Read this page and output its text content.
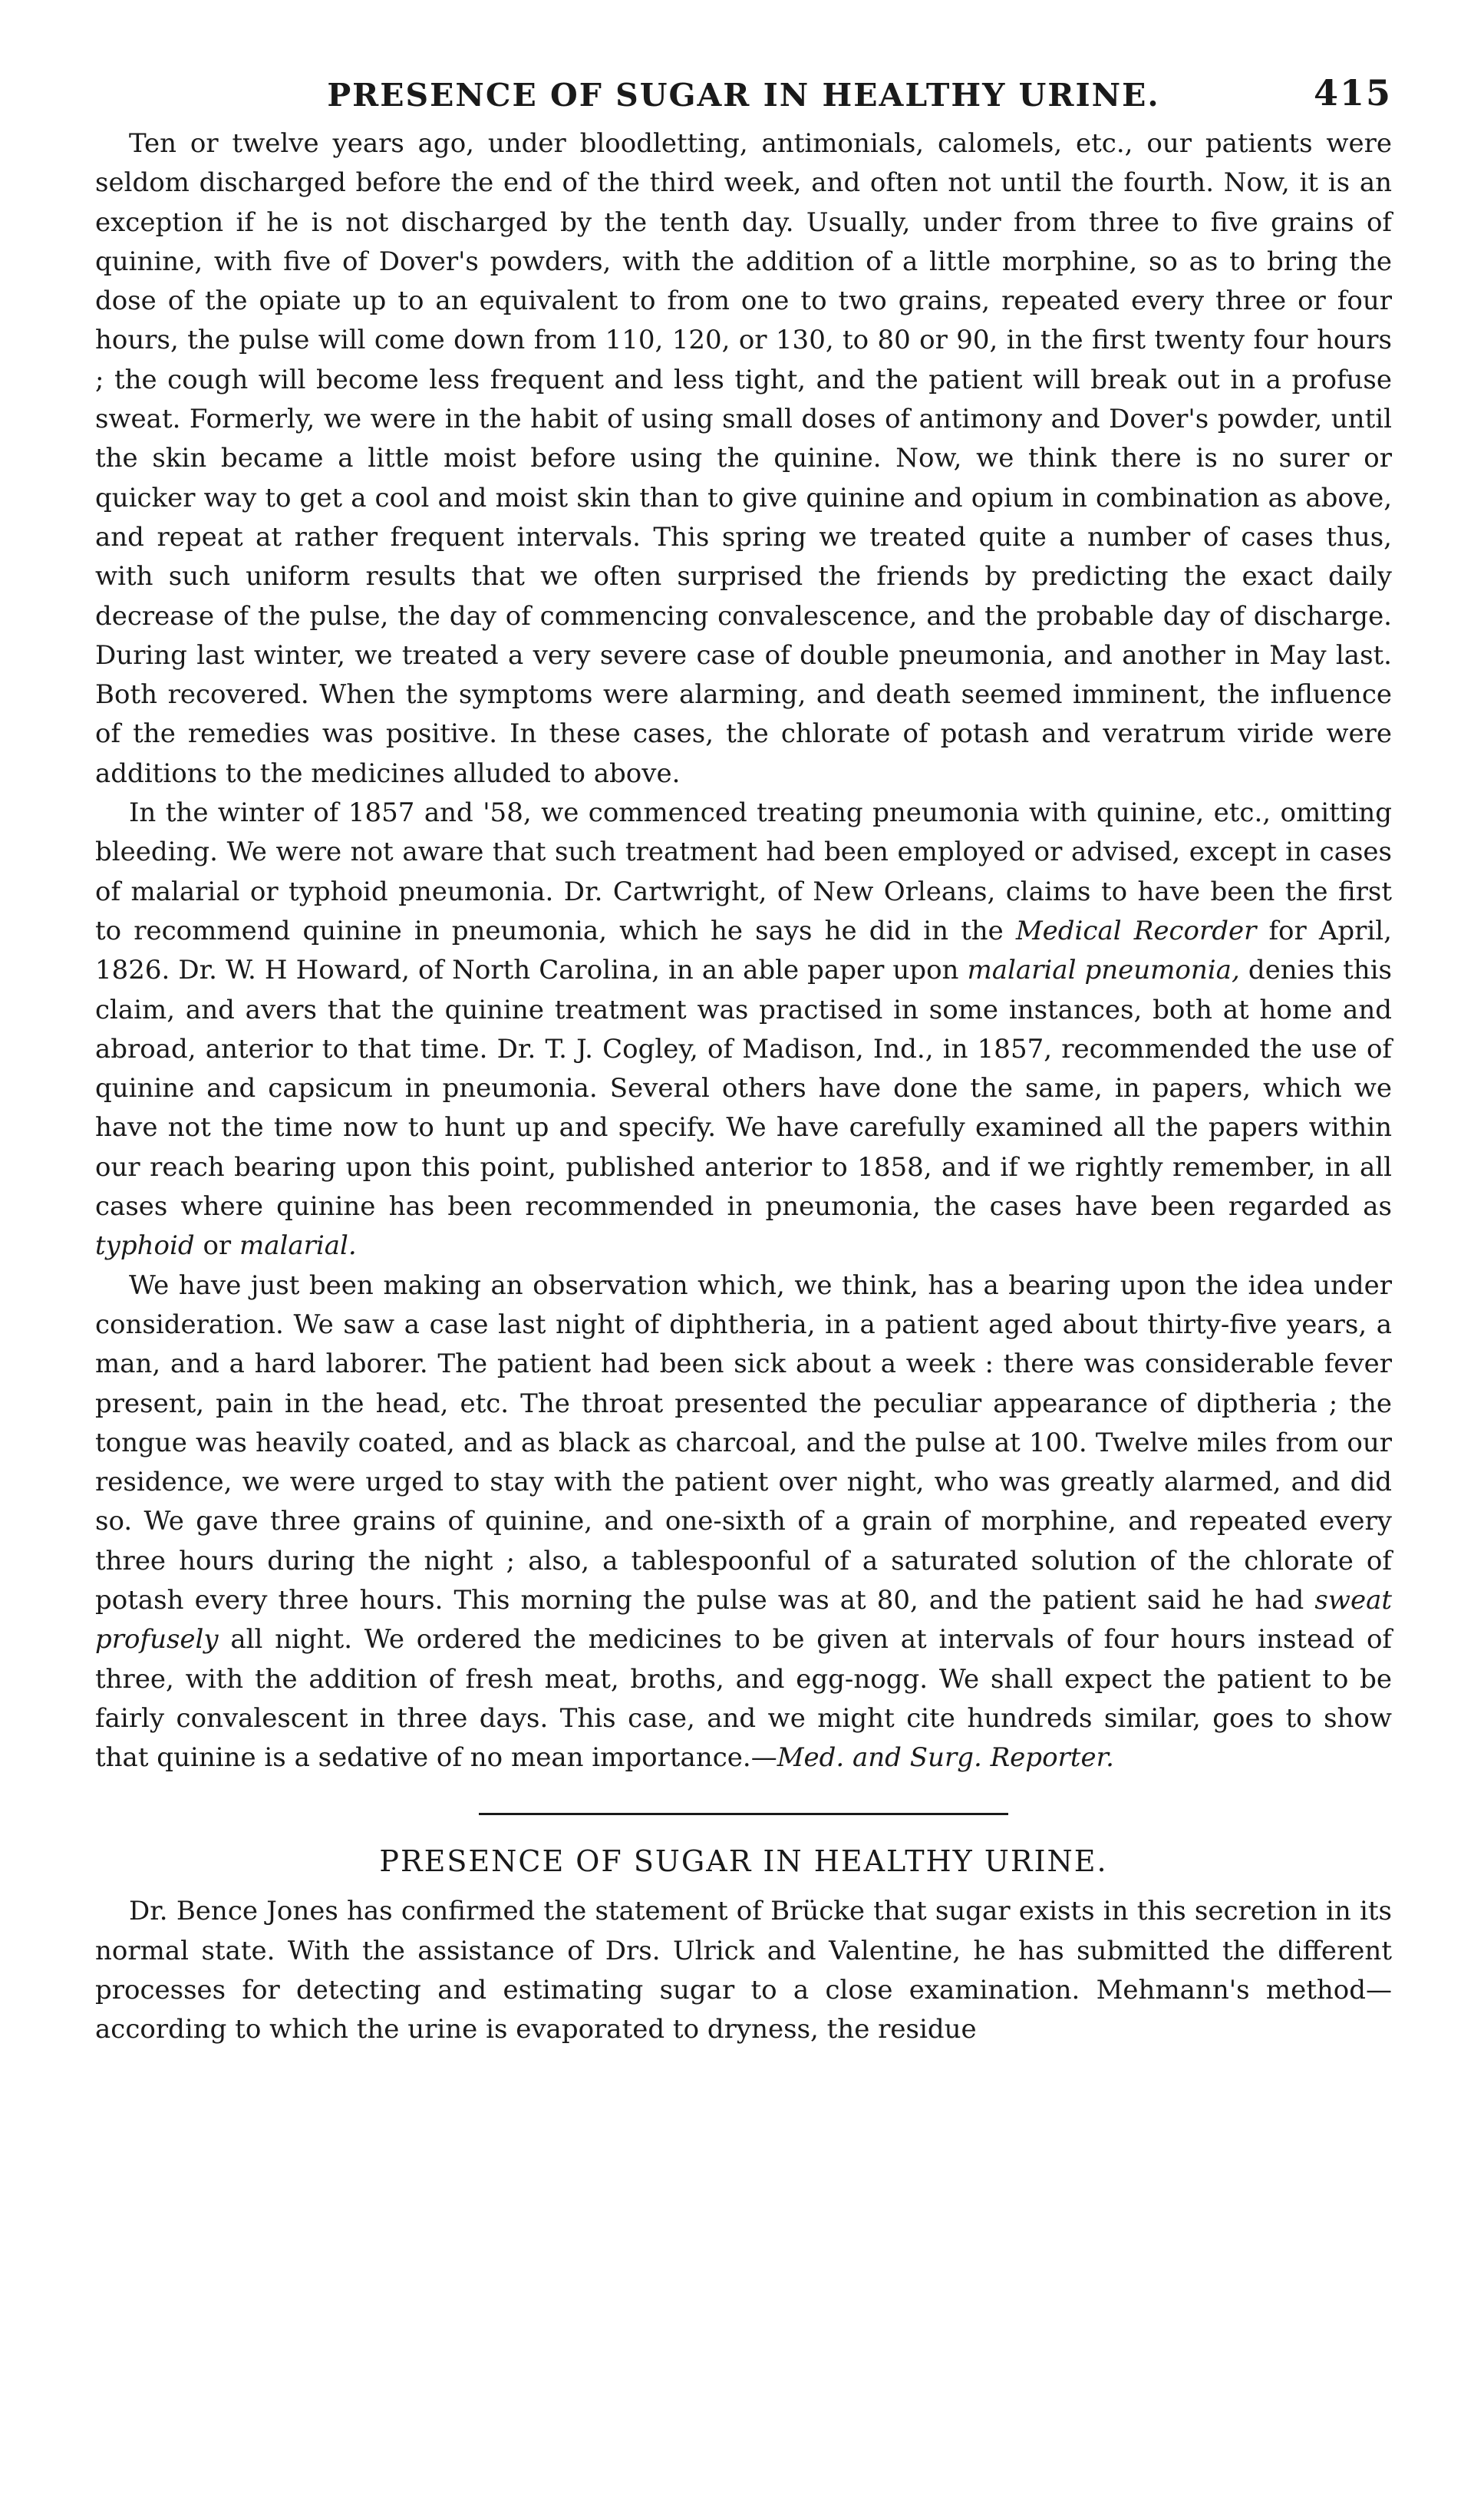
PRESENCE OF SUGAR IN HEALTHY URINE.	415

Ten or twelve years ago, under bloodletting, antimonials, calomels, etc., our patients were seldom discharged before the end of the third week, and often not until the fourth. Now, it is an exception if he is not discharged by the tenth day. Usually, under from three to five grains of quinine, with five of Dover's powders, with the addition of a little morphine, so as to bring the dose of the opiate up to an equivalent to from one to two grains, repeated every three or four hours, the pulse will come down from 110, 120, or 130, to 80 or 90, in the first twenty four hours ; the cough will become less frequent and less tight, and the patient will break out in a profuse sweat. Formerly, we were in the habit of using small doses of antimony and Dover's powder, until the skin became a little moist before using the quinine. Now, we think there is no surer or quicker way to get a cool and moist skin than to give quinine and opium in combination as above, and repeat at rather frequent intervals. This spring we treated quite a number of cases thus, with such uniform results that we often surprised the friends by predicting the exact daily decrease of the pulse, the day of commencing convalescence, and the probable day of discharge. During last winter, we treated a very severe case of double pneumonia, and another in May last. Both recovered. When the symptoms were alarming, and death seemed imminent, the influence of the remedies was positive. In these cases, the chlorate of potash and veratrum viride were additions to the medicines alluded to above.

In the winter of 1857 and '58, we commenced treating pneumonia with quinine, etc., omitting bleeding. We were not aware that such treatment had been employed or advised, except in cases of malarial or typhoid pneumonia. Dr. Cartwright, of New Orleans, claims to have been the first to recommend quinine in pneumonia, which he says he did in the Medical Recorder for April, 1826. Dr. W. H Howard, of North Carolina, in an able paper upon malarial pneumonia, denies this claim, and avers that the quinine treatment was practised in some instances, both at home and abroad, anterior to that time. Dr. T. J. Cogley, of Madison, Ind., in 1857, recommended the use of quinine and capsicum in pneumonia. Several others have done the same, in papers, which we have not the time now to hunt up and specify. We have carefully examined all the papers within our reach bearing upon this point, published anterior to 1858, and if we rightly remember, in all cases where quinine has been recommended in pneumonia, the cases have been regarded as typhoid or malarial.

We have just been making an observation which, we think, has a bearing upon the idea under consideration. We saw a case last night of diphtheria, in a patient aged about thirty-five years, a man, and a hard laborer. The patient had been sick about a week : there was considerable fever present, pain in the head, etc. The throat presented the peculiar appearance of diptheria ; the tongue was heavily coated, and as black as charcoal, and the pulse at 100. Twelve miles from our residence, we were urged to stay with the patient over night, who was greatly alarmed, and did so. We gave three grains of quinine, and one-sixth of a grain of morphine, and repeated every three hours during the night ; also, a tablespoonful of a saturated solution of the chlorate of potash every three hours. This morning the pulse was at 80, and the patient said he had sweat profusely all night. We ordered the medicines to be given at intervals of four hours instead of three, with the addition of fresh meat, broths, and egg-nogg. We shall expect the patient to be fairly convalescent in three days. This case, and we might cite hundreds similar, goes to show that quinine is a sedative of no mean importance.—Med. and Surg. Reporter.

PRESENCE OF SUGAR IN HEALTHY URINE.

Dr. Bence Jones has confirmed the statement of Brücke that sugar exists in this secretion in its normal state. With the assistance of Drs. Ulrick and Valentine, he has submitted the different processes for detecting and estimating sugar to a close examination. Mehmann's method—according to which the urine is evaporated to dryness, the residue
